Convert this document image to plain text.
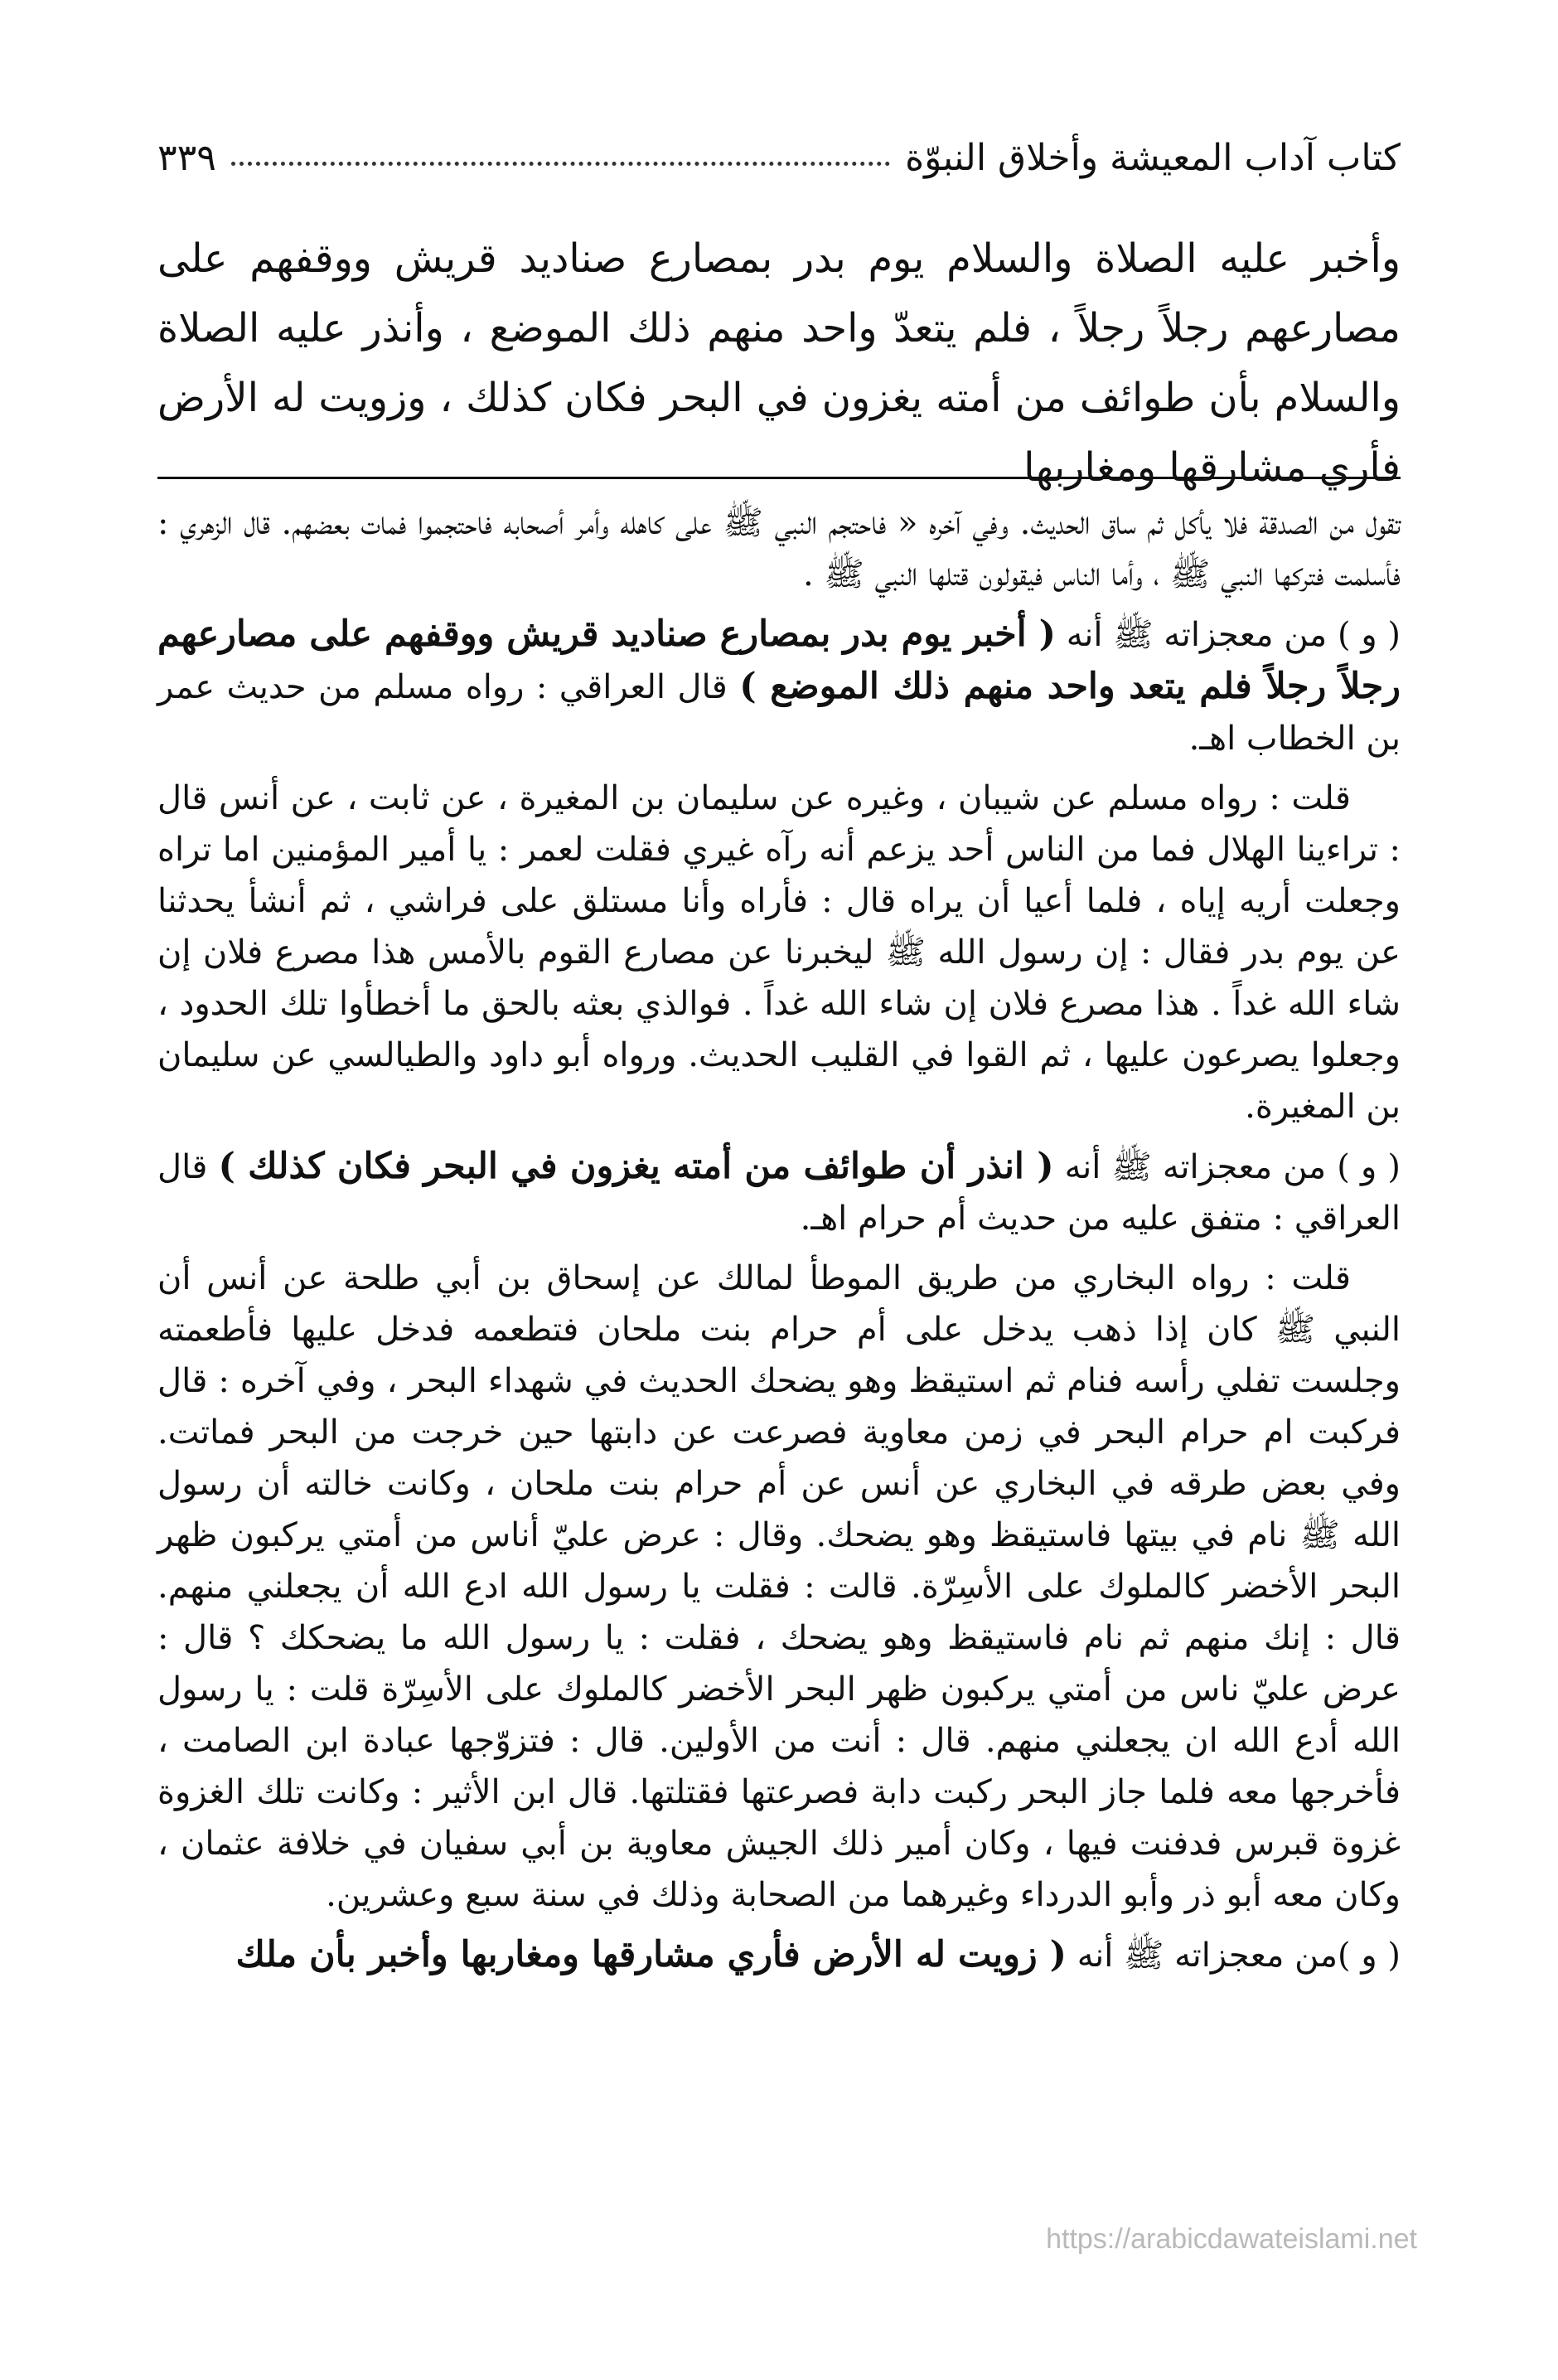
كتاب آداب المعيشة وأخلاق النبوّة
٣٣٩
وأخبر عليه الصلاة والسلام يوم بدر بمصارع صناديد قريش ووقفهم على مصارعهم رجلاً رجلاً ، فلم يتعدّ واحد منهم ذلك الموضع ، وأنذر عليه الصلاة والسلام بأن طوائف من أمته يغزون في البحر فكان كذلك ، وزويت له الأرض فأري مشارقها ومغاربها

تقول من الصدقة فلا يأكل ثم ساق الحديث. وفي آخره « فاحتجم النبي ﷺ على كاهله وأمر أصحابه فاحتجموا فمات بعضهم. قال الزهري : فأسلمت فتركها النبي ﷺ ، وأما الناس فيقولون قتلها النبي ﷺ .

( و ) من معجزاته ﷺ أنه ( أخبر يوم بدر بمصارع صناديد قريش ووقفهم على مصارعهم رجلاً رجلاً فلم يتعد واحد منهم ذلك الموضع ) قال العراقي : رواه مسلم من حديث عمر بن الخطاب اهـ.

قلت : رواه مسلم عن شيبان ، وغيره عن سليمان بن المغيرة ، عن ثابت ، عن أنس قال : تراءينا الهلال فما من الناس أحد يزعم أنه رآه غيري فقلت لعمر : يا أمير المؤمنين اما تراه وجعلت أريه إياه ، فلما أعيا أن يراه قال : فأراه وأنا مستلق على فراشي ، ثم أنشأ يحدثنا عن يوم بدر فقال : إن رسول الله ﷺ ليخبرنا عن مصارع القوم بالأمس هذا مصرع فلان إن شاء الله غداً . هذا مصرع فلان إن شاء الله غداً . فوالذي بعثه بالحق ما أخطأوا تلك الحدود ، وجعلوا يصرعون عليها ، ثم القوا في القليب الحديث. ورواه أبو داود والطيالسي عن سليمان بن المغيرة.

( و ) من معجزاته ﷺ أنه ( انذر أن طوائف من أمته يغزون في البحر فكان كذلك ) قال العراقي : متفق عليه من حديث أم حرام اهـ.

قلت : رواه البخاري من طريق الموطأ لمالك عن إسحاق بن أبي طلحة عن أنس أن النبي ﷺ كان إذا ذهب يدخل على أم حرام بنت ملحان فتطعمه فدخل عليها فأطعمته وجلست تفلي رأسه فنام ثم استيقظ وهو يضحك الحديث في شهداء البحر ، وفي آخره : قال فركبت ام حرام البحر في زمن معاوية فصرعت عن دابتها حين خرجت من البحر فماتت. وفي بعض طرقه في البخاري عن أنس عن أم حرام بنت ملحان ، وكانت خالته أن رسول الله ﷺ نام في بيتها فاستيقظ وهو يضحك. وقال : عرض عليّ أناس من أمتي يركبون ظهر البحر الأخضر كالملوك على الأسِرّة. قالت : فقلت يا رسول الله ادع الله أن يجعلني منهم. قال : إنك منهم ثم نام فاستيقظ وهو يضحك ، فقلت : يا رسول الله ما يضحكك ؟ قال : عرض عليّ ناس من أمتي يركبون ظهر البحر الأخضر كالملوك على الأسِرّة قلت : يا رسول الله أدع الله ان يجعلني منهم. قال : أنت من الأولين. قال : فتزوّجها عبادة ابن الصامت ، فأخرجها معه فلما جاز البحر ركبت دابة فصرعتها فقتلتها. قال ابن الأثير : وكانت تلك الغزوة غزوة قبرس فدفنت فيها ، وكان أمير ذلك الجيش معاوية بن أبي سفيان في خلافة عثمان ، وكان معه أبو ذر وأبو الدرداء وغيرهما من الصحابة وذلك في سنة سبع وعشرين.

( و )من معجزاته ﷺ أنه ( زويت له الأرض فأري مشارقها ومغاربها وأخبر بأن ملك

https://arabicdawateislami.net
